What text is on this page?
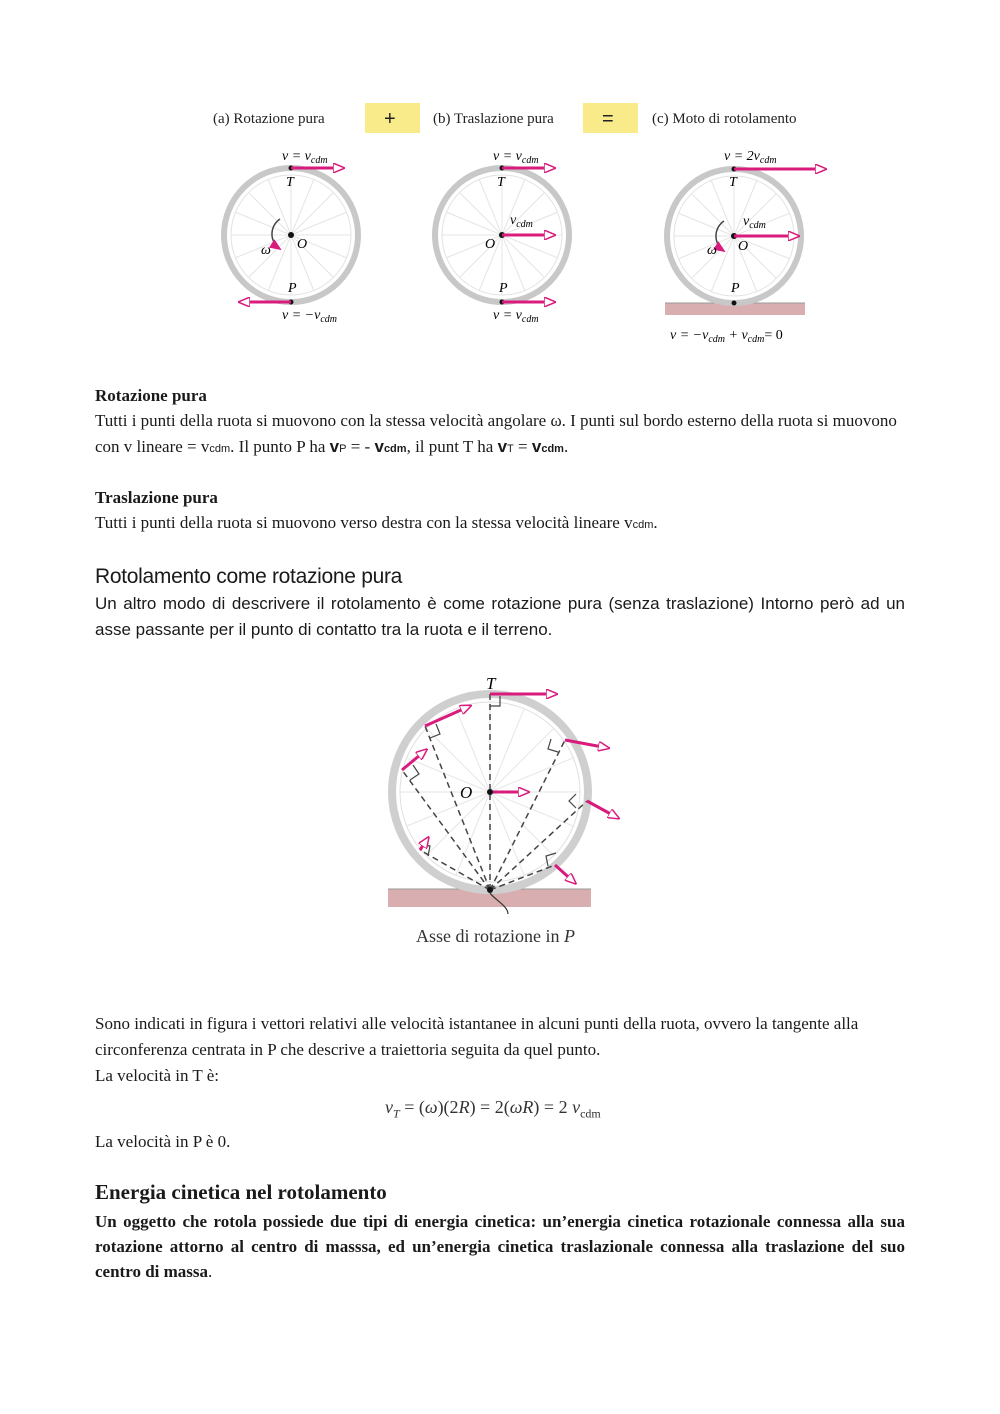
(a) Rotazione pura	+ (b) Traslazione pura =	(c) Moto di rotolamento
$v = v_{cdm}$
T
O
ω
P
$v = -v_{cdm}$
$v = v_{cdm}$
T
$v_{cdm}$
O
P
$v = v_{cdm}$
$v = 2v_{cdm}$
T
$v_{cdm}$
O
ω
P
$v = -v_{cdm} + v_{cdm}= 0$
Rotazione pura

Tutti i punti della ruota si muovono con la stessa velocità angolare ω. I punti sul bordo esterno della ruota si muovono con v lineare = vcdm. Il punto P ha vP = - vcdm, il punt T ha vT = vcdm.

Traslazione pura

Tutti i punti della ruota si muovono verso destra con la stessa velocità lineare vcdm.

Rotolamento come rotazione pura

Un altro modo di descrivere il rotolamento è come rotazione pura (senza traslazione) Intorno però ad un asse passante per il punto di contatto tra la ruota e il terreno.

T
O
Asse di rotazione in P

Sono indicati in figura i vettori relativi alle velocità istantanee in alcuni punti della ruota, ovvero la tangente alla circonferenza centrata in P che descrive a traiettoria seguita da quel punto.

La velocità in T è:

$v_T = (\omega)(2R) = 2(\omega R) = 2$ $v_{cdm}$

La velocità in P è 0.

Energia cinetica nel rotolamento

Un oggetto che rotola possiede due tipi di energia cinetica: un’energia cinetica rotazionale connessa alla sua rotazione attorno al centro di masssa, ed un’energia cinetica traslazionale connessa alla traslazione del suo centro di massa.
